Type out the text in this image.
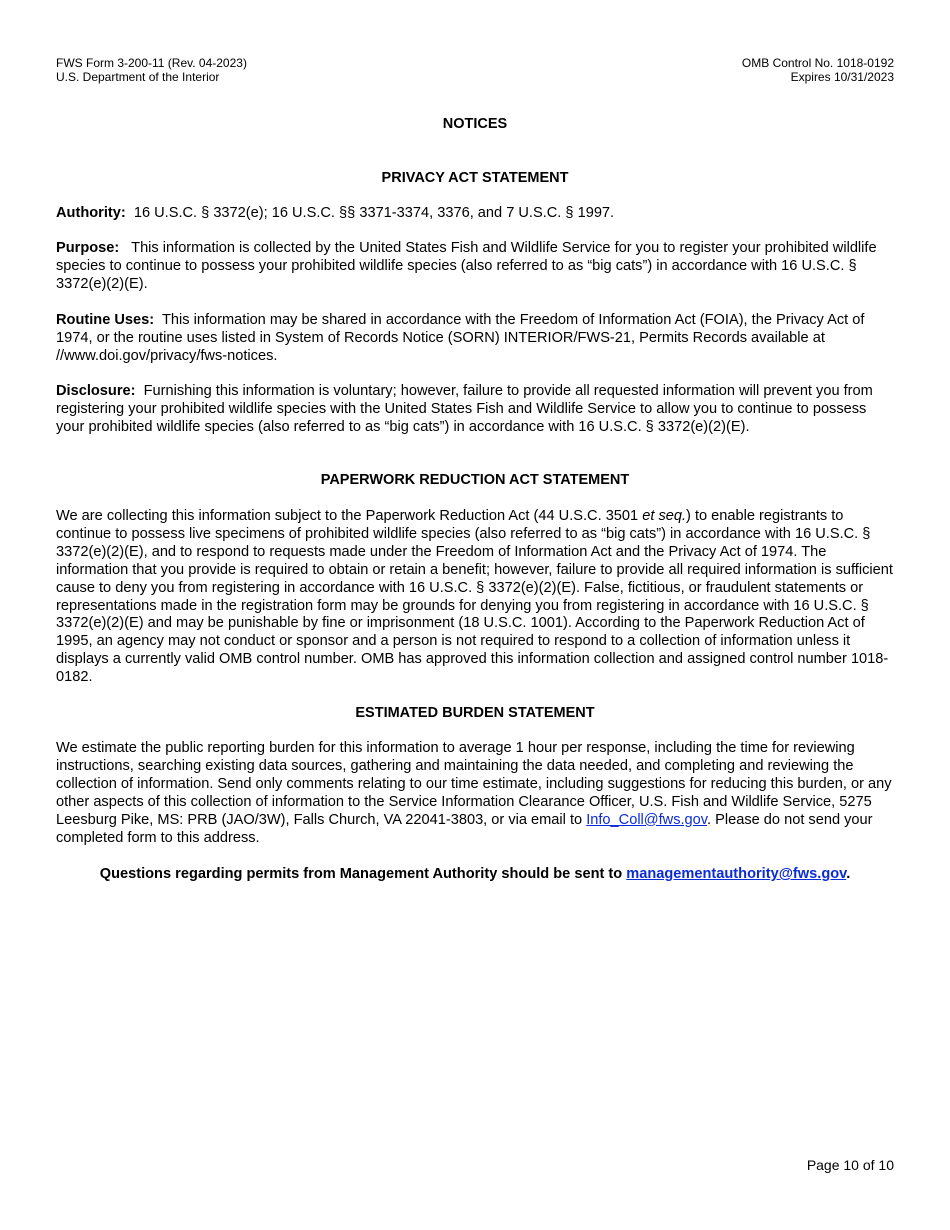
FWS Form 3-200-11 (Rev. 04-2023)
U.S. Department of the Interior
OMB Control No. 1018-0192
Expires 10/31/2023
NOTICES
PRIVACY ACT STATEMENT

Authority: 16 U.S.C. § 3372(e); 16 U.S.C. §§ 3371-3374, 3376, and 7 U.S.C. § 1997.

Purpose: This information is collected by the United States Fish and Wildlife Service for you to register your prohibited wildlife species to continue to possess your prohibited wildlife species (also referred to as “big cats”) in accordance with 16 U.S.C. § 3372(e)(2)(E).

Routine Uses: This information may be shared in accordance with the Freedom of Information Act (FOIA), the Privacy Act of 1974, or the routine uses listed in System of Records Notice (SORN) INTERIOR/FWS-21, Permits Records available at //www.doi.gov/privacy/fws-notices.

Disclosure: Furnishing this information is voluntary; however, failure to provide all requested information will prevent you from registering your prohibited wildlife species with the United States Fish and Wildlife Service to allow you to continue to possess your prohibited wildlife species (also referred to as “big cats”) in accordance with 16 U.S.C. § 3372(e)(2)(E).

PAPERWORK REDUCTION ACT STATEMENT

We are collecting this information subject to the Paperwork Reduction Act (44 U.S.C. 3501 et seq.) to enable registrants to continue to possess live specimens of prohibited wildlife species (also referred to as “big cats”) in accordance with 16 U.S.C. § 3372(e)(2)(E), and to respond to requests made under the Freedom of Information Act and the Privacy Act of 1974. The information that you provide is required to obtain or retain a benefit; however, failure to provide all required information is sufficient cause to deny you from registering in accordance with 16 U.S.C. § 3372(e)(2)(E). False, fictitious, or fraudulent statements or representations made in the registration form may be grounds for denying you from registering in accordance with 16 U.S.C. § 3372(e)(2)(E) and may be punishable by fine or imprisonment (18 U.S.C. 1001). According to the Paperwork Reduction Act of 1995, an agency may not conduct or sponsor and a person is not required to respond to a collection of information unless it displays a currently valid OMB control number. OMB has approved this information collection and assigned control number 1018-0182.

ESTIMATED BURDEN STATEMENT

We estimate the public reporting burden for this information to average 1 hour per response, including the time for reviewing instructions, searching existing data sources, gathering and maintaining the data needed, and completing and reviewing the collection of information. Send only comments relating to our time estimate, including suggestions for reducing this burden, or any other aspects of this collection of information to the Service Information Clearance Officer, U.S. Fish and Wildlife Service, 5275 Leesburg Pike, MS: PRB (JAO/3W), Falls Church, VA 22041-3803, or via email to Info_Coll@fws.gov. Please do not send your completed form to this address.

Questions regarding permits from Management Authority should be sent to managementauthority@fws.gov.
Page 10 of 10
